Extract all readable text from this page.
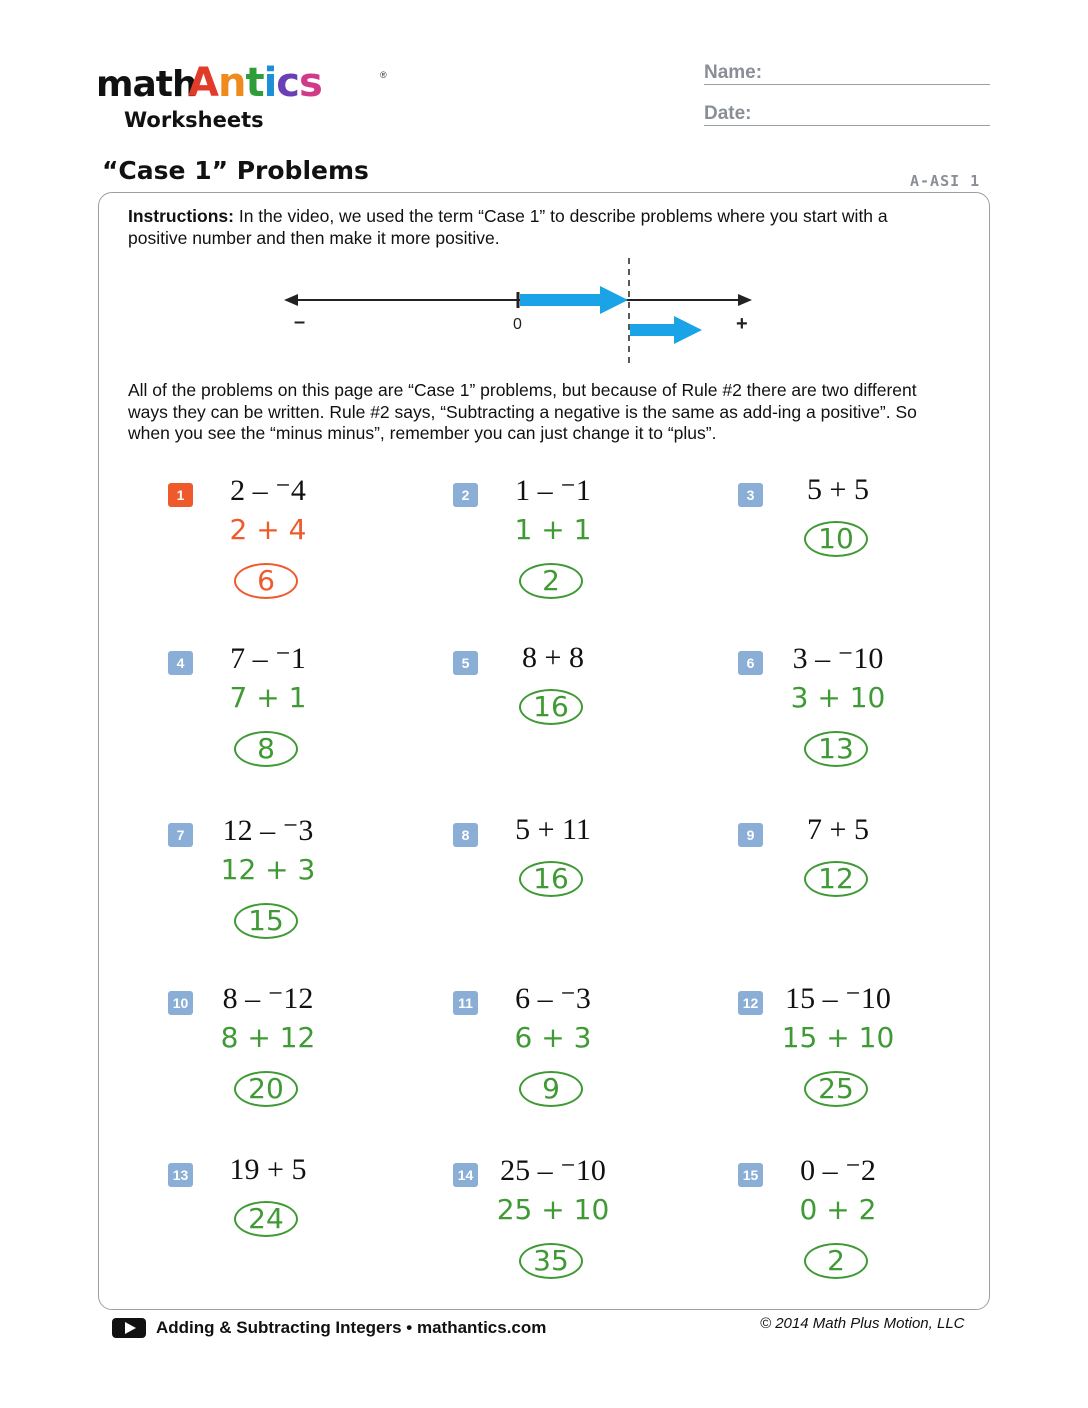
math
Antics	®
Worksheets
Name:
Date:
“Case 1” Problems	A-ASI 1
Instructions: In the video, we used the term “Case 1” to describe problems where you start with a positive number and then make it more positive.
–	0	+
All of the problems on this page are “Case 1” problems, but because of Rule #2 there are two different ways they can be written. Rule #2 says, “Subtracting a negative is the same as add-ing a positive”. So when you see the “minus minus”, remember you can just change it to “plus”.
1	2 – ⁻4
2 + 4
6
2	1 – ⁻1
1 + 1
2
3	5 + 5
10
4	7 – ⁻1
7 + 1
8
5	8 + 8
16
6	3 – ⁻10
3 + 10
13
7	12 – ⁻3
12 + 3
15
8	5 + 11
16
9	7 + 5
12
10	8 – ⁻12
8 + 12
20
11	6 – ⁻3
6 + 3
9
12 15 – ⁻10
15 + 10
25
13	19 + 5
24
14 25 – ⁻10
25 + 10
35
15	0 – ⁻2
0 + 2
2
Adding & Subtracting Integers • mathantics.com	© 2014 Math Plus Motion, LLC
